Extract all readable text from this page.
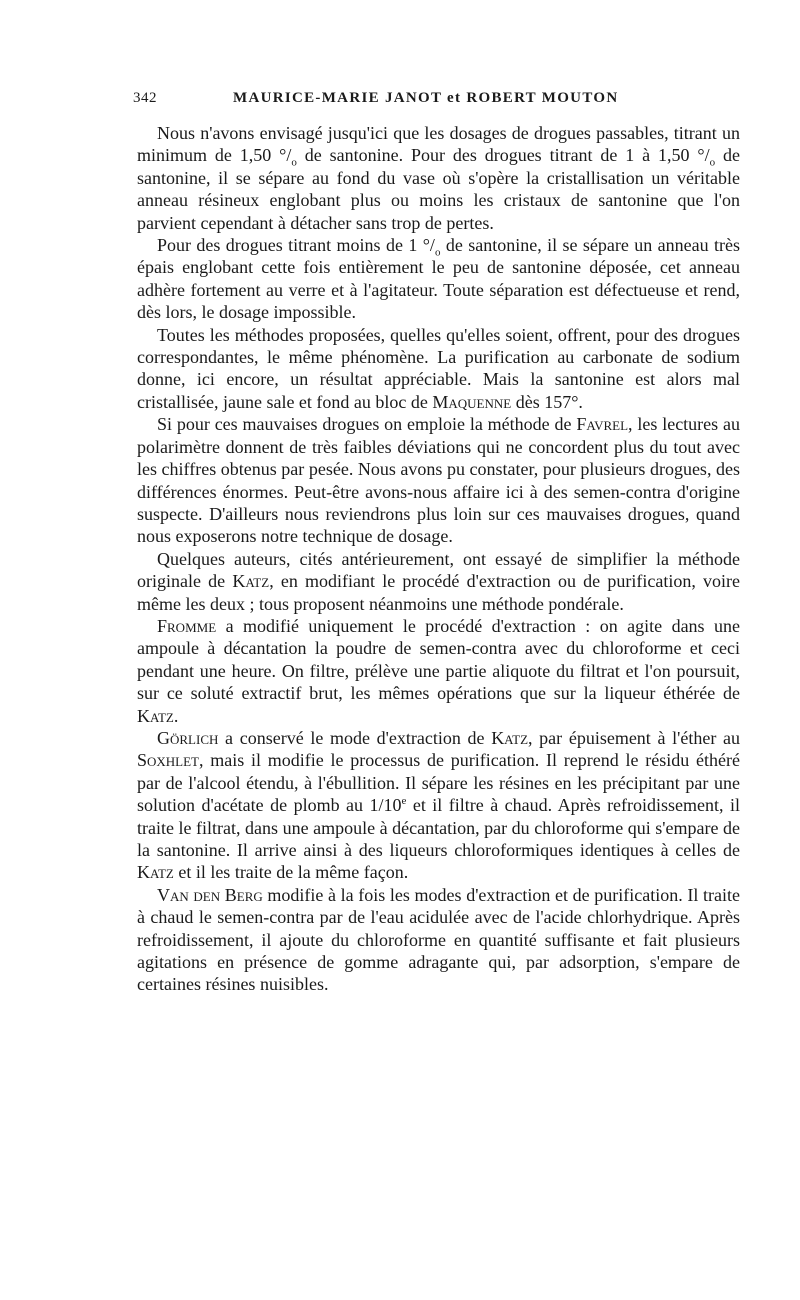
342	MAURICE-MARIE JANOT et ROBERT MOUTON

Nous n'avons envisagé jusqu'ici que les dosages de drogues passables, titrant un minimum de 1,50 $^\circ/_o$ de santonine. Pour des drogues titrant de 1 à 1,50 $^\circ/_o$ de santonine, il se sépare au fond du vase où s'opère la cristallisation un véritable anneau résineux englobant plus ou moins les cristaux de santonine que l'on parvient cependant à détacher sans trop de pertes.

Pour des drogues titrant moins de 1 $^\circ/_o$ de santonine, il se sépare un anneau très épais englobant cette fois entièrement le peu de santonine déposée, cet anneau adhère fortement au verre et à l'agitateur. Toute séparation est défectueuse et rend, dès lors, le dosage impossible.

Toutes les méthodes proposées, quelles qu'elles soient, offrent, pour des drogues correspondantes, le même phénomène. La purification au carbonate de sodium donne, ici encore, un résultat appréciable. Mais la santonine est alors mal cristallisée, jaune sale et fond au bloc de Maquenne dès 157°.

Si pour ces mauvaises drogues on emploie la méthode de Favrel, les lectures au polarimètre donnent de très faibles déviations qui ne concordent plus du tout avec les chiffres obtenus par pesée. Nous avons pu constater, pour plusieurs drogues, des différences énormes. Peut-être avons-nous affaire ici à des semen-contra d'origine suspecte. D'ailleurs nous reviendrons plus loin sur ces mauvaises drogues, quand nous exposerons notre technique de dosage.

Quelques auteurs, cités antérieurement, ont essayé de simplifier la méthode originale de Katz, en modifiant le procédé d'extraction ou de purification, voire même les deux ; tous proposent néanmoins une méthode pondérale.

Fromme a modifié uniquement le procédé d'extraction : on agite dans une ampoule à décantation la poudre de semen-contra avec du chloroforme et ceci pendant une heure. On filtre, prélève une partie aliquote du filtrat et l'on poursuit, sur ce soluté extractif brut, les mêmes opérations que sur la liqueur éthérée de Katz.

Görlich a conservé le mode d'extraction de Katz, par épuisement à l'éther au Soxhlet, mais il modifie le processus de purification. Il reprend le résidu éthéré par de l'alcool étendu, à l'ébullition. Il sépare les résines en les précipitant par une solution d'acétate de plomb au 1/10e et il filtre à chaud. Après refroidissement, il traite le filtrat, dans une ampoule à décantation, par du chloroforme qui s'empare de la santonine. Il arrive ainsi à des liqueurs chloroformiques identiques à celles de Katz et il les traite de la même façon.

Van den Berg modifie à la fois les modes d'extraction et de purification. Il traite à chaud le semen-contra par de l'eau acidulée avec de l'acide chlorhydrique. Après refroidissement, il ajoute du chloroforme en quantité suffisante et fait plusieurs agitations en présence de gomme adragante qui, par adsorption, s'empare de certaines résines nuisibles.
